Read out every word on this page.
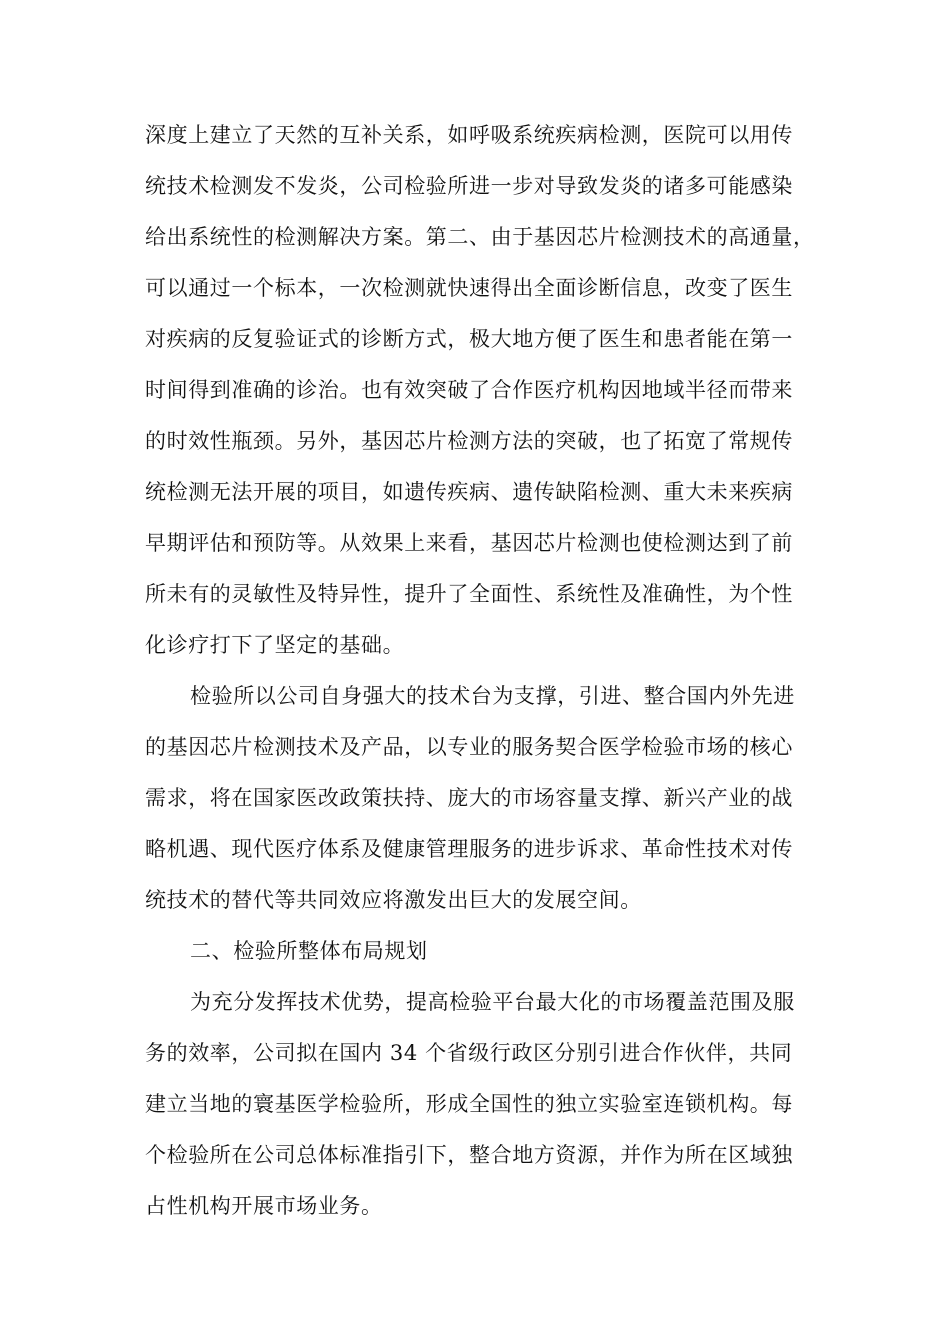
深度上建立了天然的互补关系，如呼吸系统疾病检测，医院可以用传
统技术检测发不发炎，公司检验所进一步对导致发炎的诸多可能感染
给出系统性的检测解决方案。第二、由于基因芯片检测技术的高通量，
可以通过一个标本，一次检测就快速得出全面诊断信息，改变了医生
对疾病的反复验证式的诊断方式，极大地方便了医生和患者能在第一
时间得到准确的诊治。也有效突破了合作医疗机构因地域半径而带来
的时效性瓶颈。另外，基因芯片检测方法的突破，也了拓宽了常规传
统检测无法开展的项目，如遗传疾病、遗传缺陷检测、重大未来疾病
早期评估和预防等。从效果上来看，基因芯片检测也使检测达到了前
所未有的灵敏性及特异性，提升了全面性、系统性及准确性，为个性
化诊疗打下了坚定的基础。
检验所以公司自身强大的技术台为支撑，引进、整合国内外先进
的基因芯片检测技术及产品，以专业的服务契合医学检验市场的核心
需求，将在国家医改政策扶持、庞大的市场容量支撑、新兴产业的战
略机遇、现代医疗体系及健康管理服务的进步诉求、革命性技术对传
统技术的替代等共同效应将激发出巨大的发展空间。
二、检验所整体布局规划
为充分发挥技术优势，提高检验平台最大化的市场覆盖范围及服
务的效率，公司拟在国内 34 个省级行政区分别引进合作伙伴，共同
建立当地的寰基医学检验所，形成全国性的独立实验室连锁机构。每
个检验所在公司总体标准指引下，整合地方资源，并作为所在区域独
占性机构开展市场业务。
